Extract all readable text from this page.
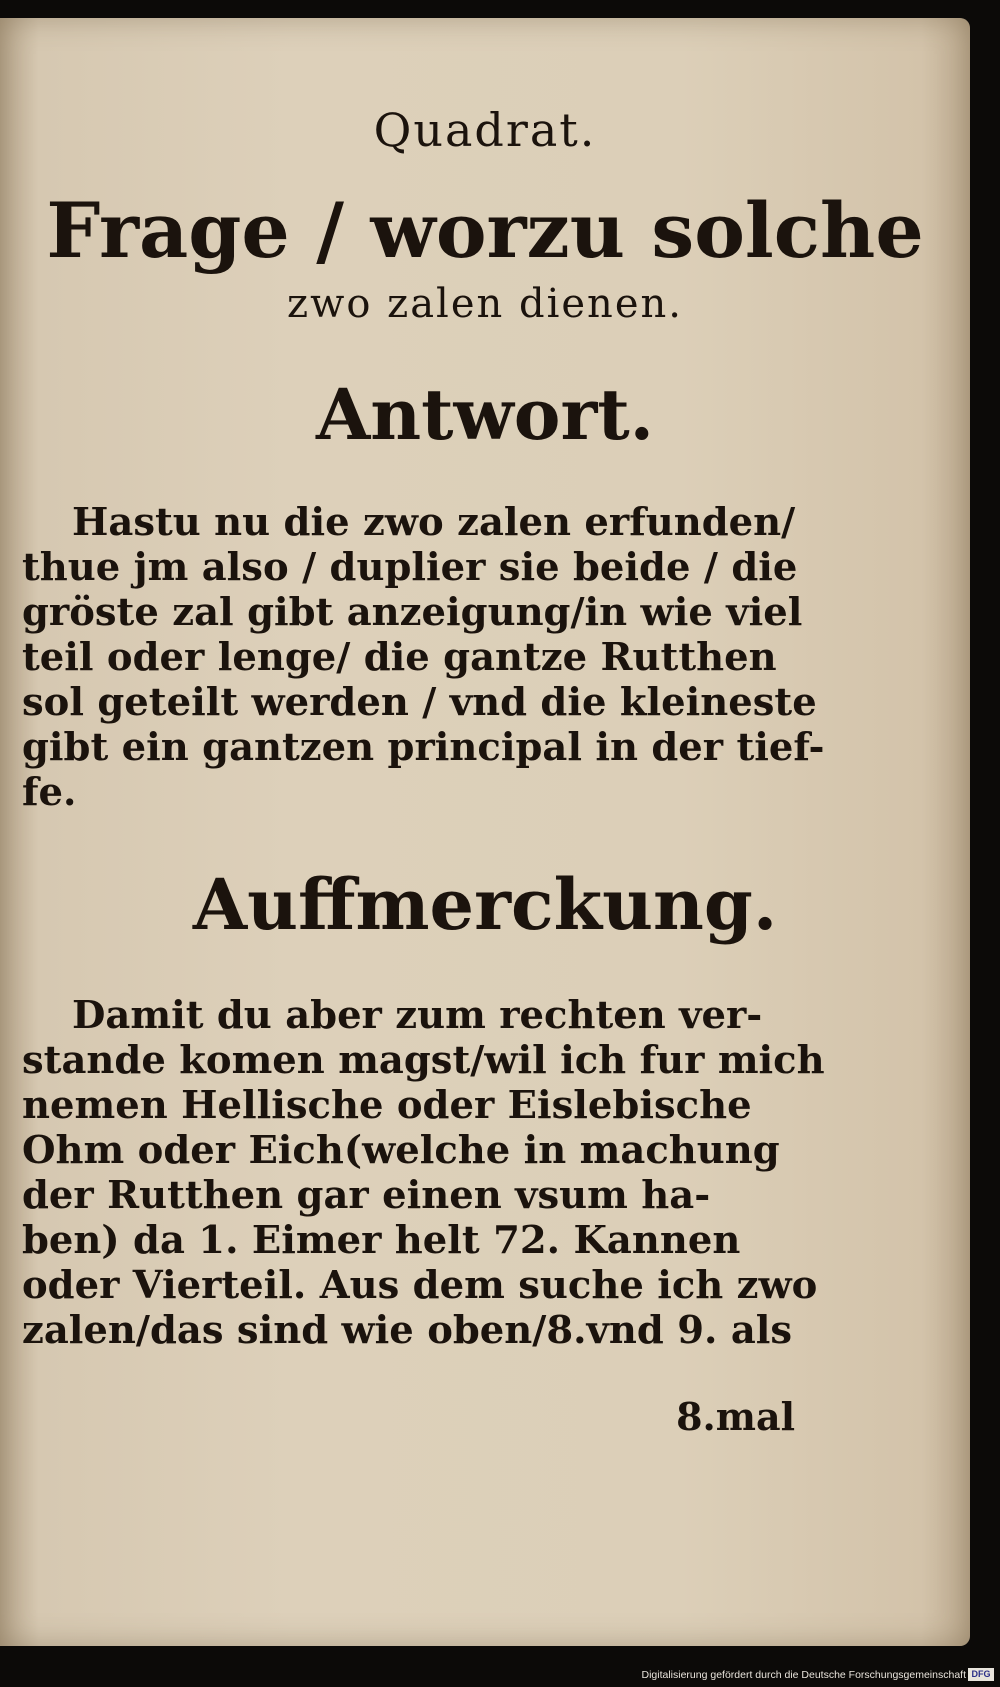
Quadrat.
Frage / worzu solche
zwo zalen dienen.
Antwort.
Hastu nu die zwo zalen erfunden/
thue jm also / duplier sie beide / die
gröste zal gibt anzeigung/in wie viel
teil oder lenge/ die gantze Rutthen
sol geteilt werden / vnd die kleineste
gibt ein gantzen principal in der tief-
fe.
Auffmerckung.
Damit du aber zum rechten ver-
stande komen magst/wil ich fur mich
nemen Hellische oder Eislebische
Ohm oder Eich(welche in machung
der Rutthen gar einen vsum ha-
ben) da 1. Eimer helt 72. Kannen
oder Vierteil. Aus dem suche ich zwo
zalen/das sind wie oben/8.vnd 9. als
8.mal
Digitalisierung gefördert durch die Deutsche Forschungsgemeinschaft DFG
